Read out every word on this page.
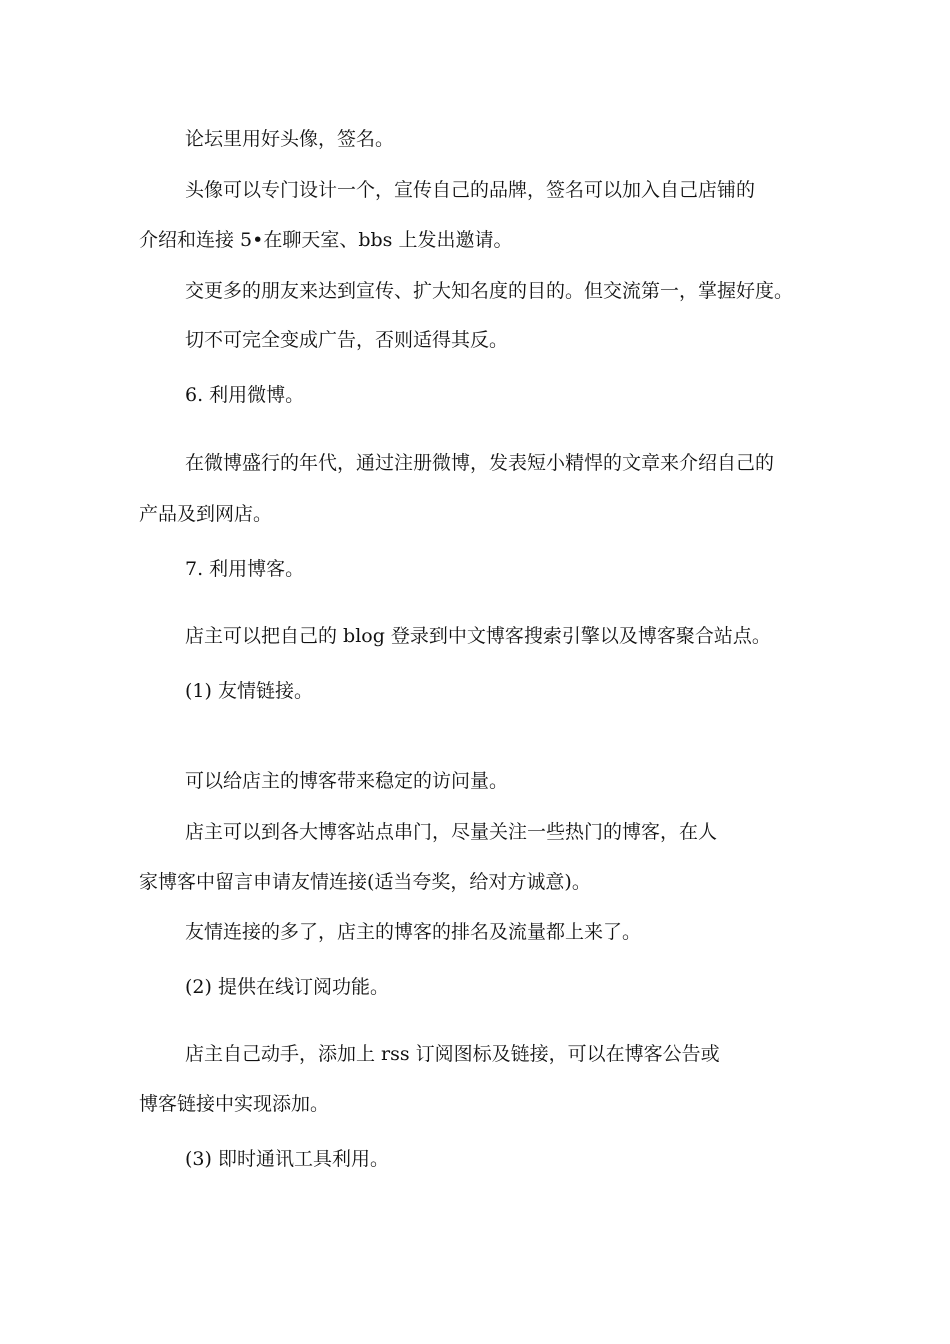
论坛里用好头像，签名。

头像可以专门设计一个，宣传自己的品牌，签名可以加入自己店铺的

介绍和连接 5•在聊天室、bbs 上发出邀请。

交更多的朋友来达到宣传、扩大知名度的目的。但交流第一，掌握好度。

切不可完全变成广告，否则适得其反。

6. 利用微博。

在微博盛行的年代，通过注册微博，发表短小精悍的文章来介绍自己的

产品及到网店。

7. 利用博客。

店主可以把自己的 blog 登录到中文博客搜索引擎以及博客聚合站点。

(1) 友情链接。

可以给店主的博客带来稳定的访问量。

店主可以到各大博客站点串门，尽量关注一些热门的博客，在人

家博客中留言申请友情连接(适当夸奖，给对方诚意)。

友情连接的多了，店主的博客的排名及流量都上来了。

(2) 提供在线订阅功能。

店主自己动手，添加上 rss 订阅图标及链接，可以在博客公告或

博客链接中实现添加。

(3) 即时通讯工具利用。
